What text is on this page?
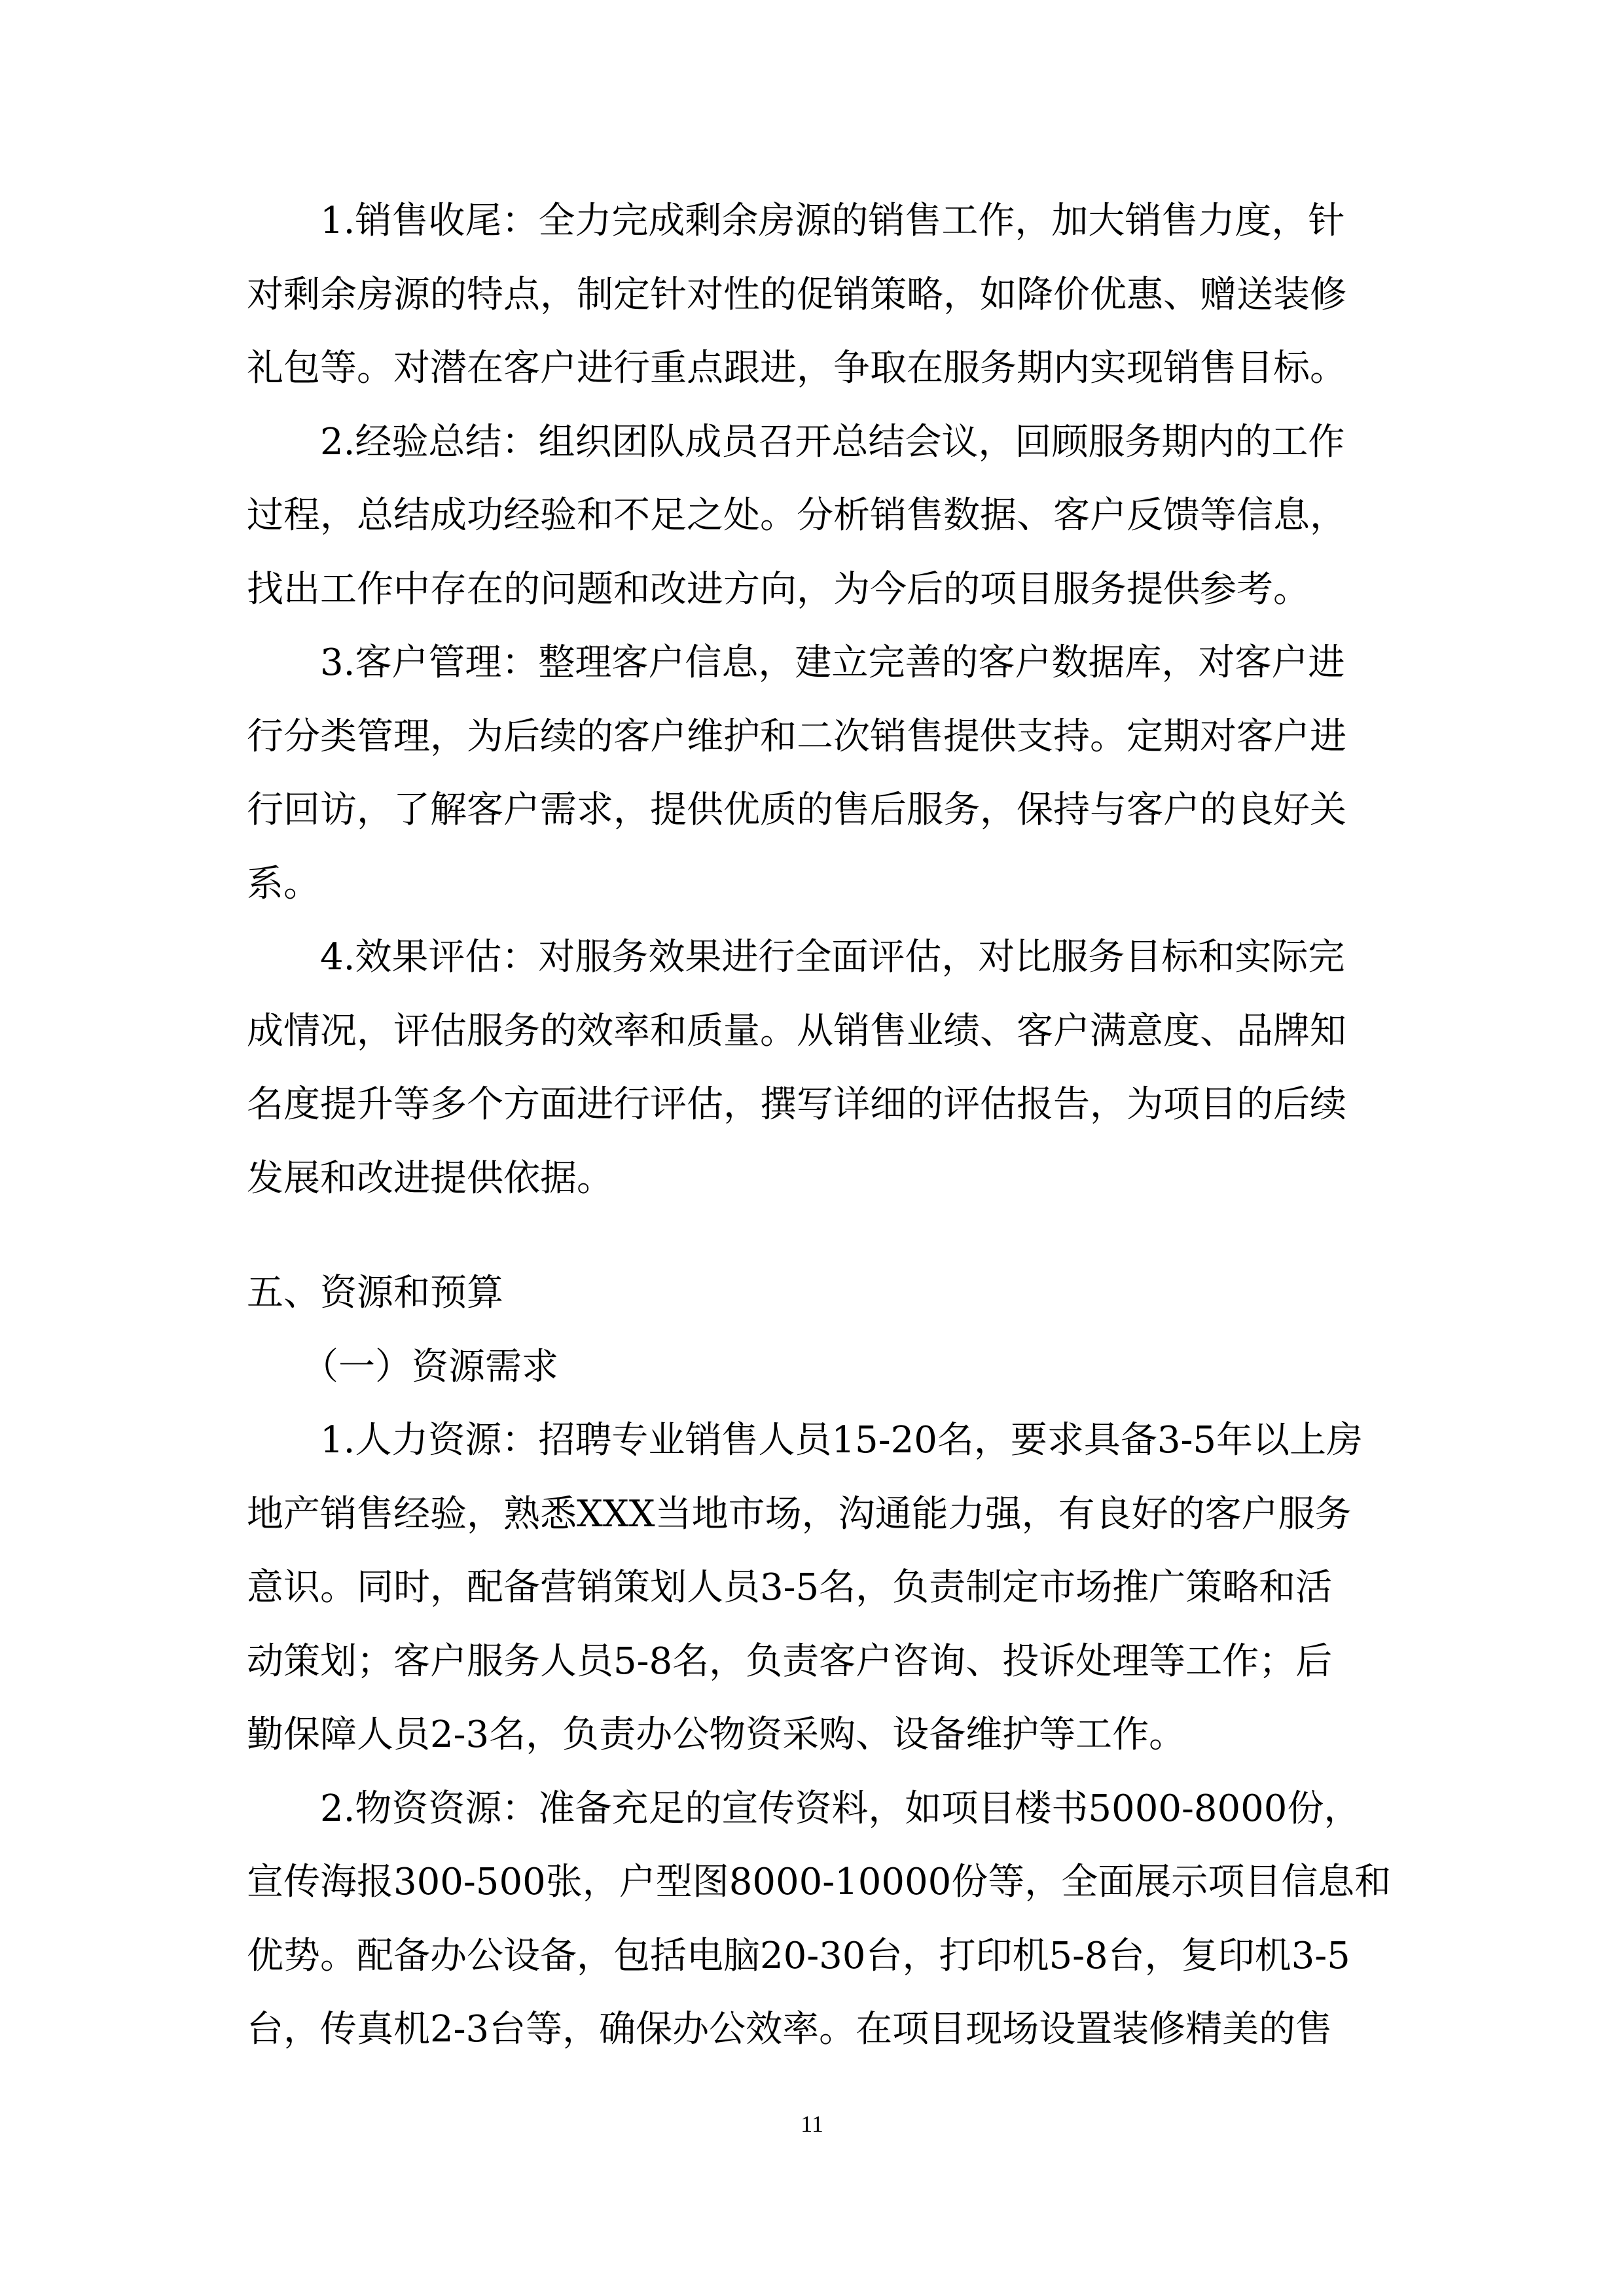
　　1.销售收尾：全力完成剩余房源的销售工作，加大销售力度，针
对剩余房源的特点，制定针对性的促销策略，如降价优惠、赠送装修
礼包等。对潜在客户进行重点跟进，争取在服务期内实现销售目标。
　　2.经验总结：组织团队成员召开总结会议，回顾服务期内的工作
过程，总结成功经验和不足之处。分析销售数据、客户反馈等信息，
找出工作中存在的问题和改进方向，为今后的项目服务提供参考。
　　3.客户管理：整理客户信息，建立完善的客户数据库，对客户进
行分类管理，为后续的客户维护和二次销售提供支持。定期对客户进
行回访，了解客户需求，提供优质的售后服务，保持与客户的良好关
系。
　　4.效果评估：对服务效果进行全面评估，对比服务目标和实际完
成情况，评估服务的效率和质量。从销售业绩、客户满意度、品牌知
名度提升等多个方面进行评估，撰写详细的评估报告，为项目的后续
发展和改进提供依据。
五、资源和预算
　　（一）资源需求
　　1.人力资源：招聘专业销售人员15-20名，要求具备3-5年以上房
地产销售经验，熟悉XXX当地市场，沟通能力强，有良好的客户服务
意识。同时，配备营销策划人员3-5名，负责制定市场推广策略和活
动策划；客户服务人员5-8名，负责客户咨询、投诉处理等工作；后
勤保障人员2-3名，负责办公物资采购、设备维护等工作。
　　2.物资资源：准备充足的宣传资料，如项目楼书5000-8000份，
宣传海报300-500张，户型图8000-10000份等，全面展示项目信息和
优势。配备办公设备，包括电脑20-30台，打印机5-8台，复印机3-5
台，传真机2-3台等，确保办公效率。在项目现场设置装修精美的售
11
